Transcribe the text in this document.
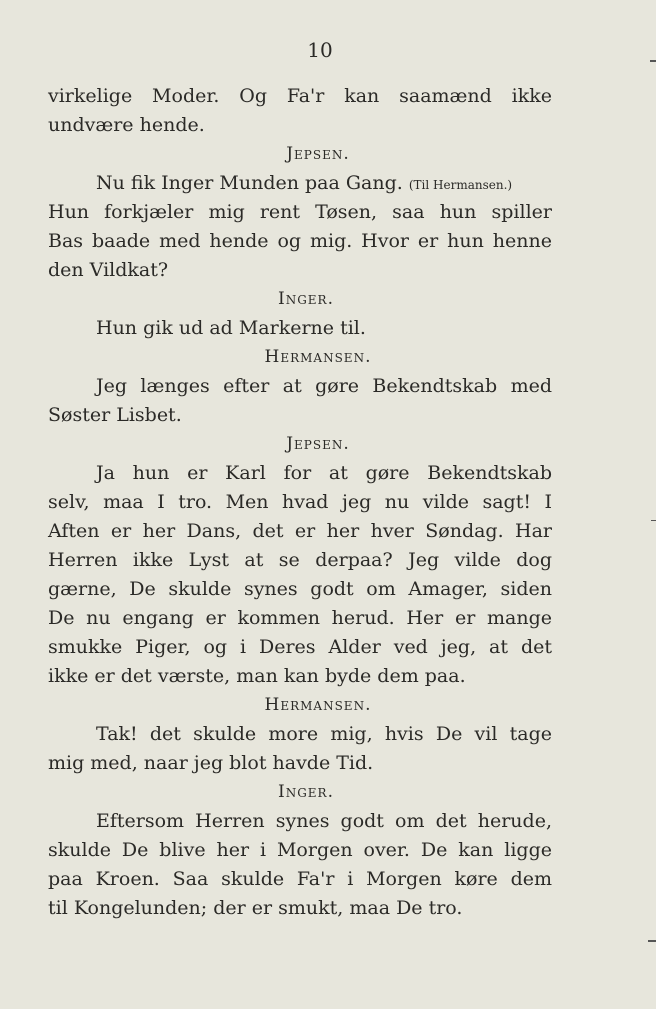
10
virkelige Moder. Og Fa'r kan saamænd ikke
undvære hende.
Jepsen.
Nu fik Inger Munden paa Gang. (Til Hermansen.)
Hun forkjæler mig rent Tøsen, saa hun spiller
Bas baade med hende og mig. Hvor er hun henne
den Vildkat?
Inger.
Hun gik ud ad Markerne til.
Hermansen.
Jeg længes efter at gøre Bekendtskab med
Søster Lisbet.
Jepsen.
Ja hun er Karl for at gøre Bekendtskab
selv, maa I tro. Men hvad jeg nu vilde sagt! I
Aften er her Dans, det er her hver Søndag. Har
Herren ikke Lyst at se derpaa? Jeg vilde dog
gærne, De skulde synes godt om Amager, siden
De nu engang er kommen herud. Her er mange
smukke Piger, og i Deres Alder ved jeg, at det
ikke er det værste, man kan byde dem paa.
Hermansen.
Tak! det skulde more mig, hvis De vil tage
mig med, naar jeg blot havde Tid.
Inger.
Eftersom Herren synes godt om det herude,
skulde De blive her i Morgen over. De kan ligge
paa Kroen. Saa skulde Fa'r i Morgen køre dem
til Kongelunden; der er smukt, maa De tro.
